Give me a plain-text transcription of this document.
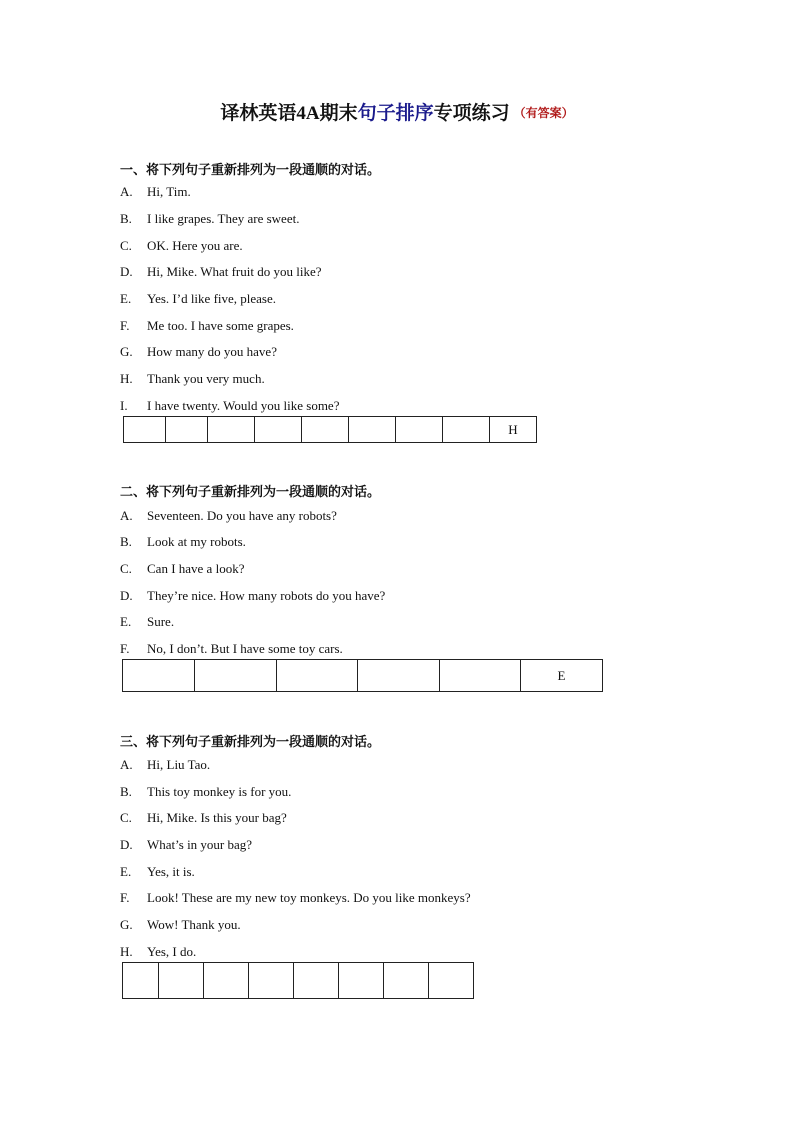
译林英语4A期末句子排序专项练习 （有答案）
一、将下列句子重新排列为一段通顺的对话。
A. Hi, Tim.
B. I like grapes. They are sweet.
C. OK. Here you are.
D. Hi, Mike. What fruit do you like?
E. Yes. I’d like five, please.
F. Me too. I have some grapes.
G. How many do you have?
H. Thank you very much.
I. I have twenty. Would you like some?
								H
二、将下列句子重新排列为一段通顺的对话。
A. Seventeen. Do you have any robots?
B. Look at my robots.
C. Can I have a look?
D. They’re nice. How many robots do you have?
E. Sure.
F. No, I don’t. But I have some toy cars.
					E
三、将下列句子重新排列为一段通顺的对话。
A. Hi, Liu Tao.
B. This toy monkey is for you.
C. Hi, Mike. Is this your bag?
D. What’s in your bag?
E. Yes, it is.
F. Look! These are my new toy monkeys. Do you like monkeys?
G. Wow! Thank you.
H. Yes, I do.
